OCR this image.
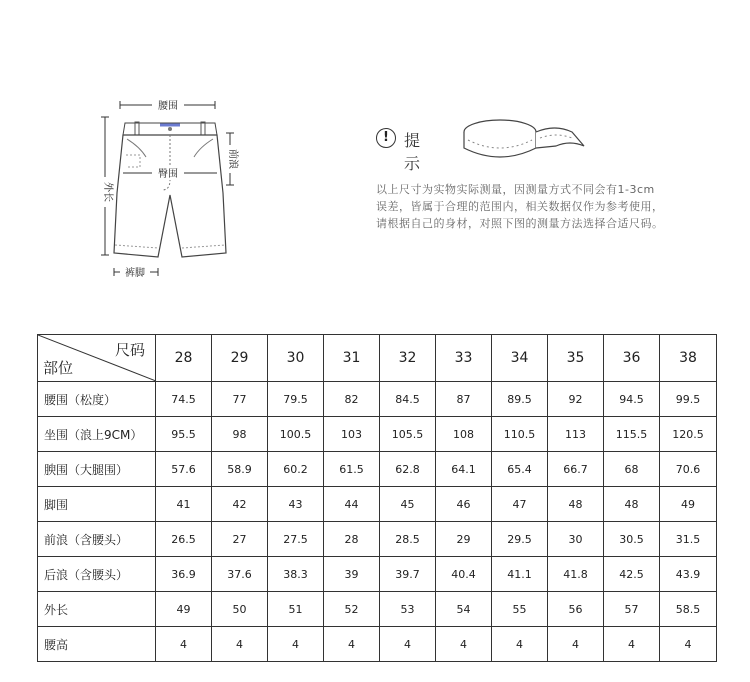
腰围
臀围
外长
前浪
裤脚
! 提示
以上尺寸为实物实际测量，因测量方式不同会有1-3cm
误差，皆属于合理的范围内，相关数据仅作为参考使用，
请根据自己的身材，对照下图的测量方法选择合适尺码。
尺码
部位	28	29	30	31	32	33	34	35	36	38
腰围（松度）	74.5	77	79.5	82	84.5	87	89.5	92	94.5	99.5
坐围（浪上9CM）	95.5	98	100.5	103	105.5	108	110.5	113	115.5	120.5
腴围（大腿围）	57.6	58.9	60.2	61.5	62.8	64.1	65.4	66.7	68	70.6
脚围	41	42	43	44	45	46	47	48	48	49
前浪（含腰头）	26.5	27	27.5	28	28.5	29	29.5	30	30.5	31.5
后浪（含腰头）	36.9	37.6	38.3	39	39.7	40.4	41.1	41.8	42.5	43.9
外长	49	50	51	52	53	54	55	56	57	58.5
腰高	4	4	4	4	4	4	4	4	4	4
